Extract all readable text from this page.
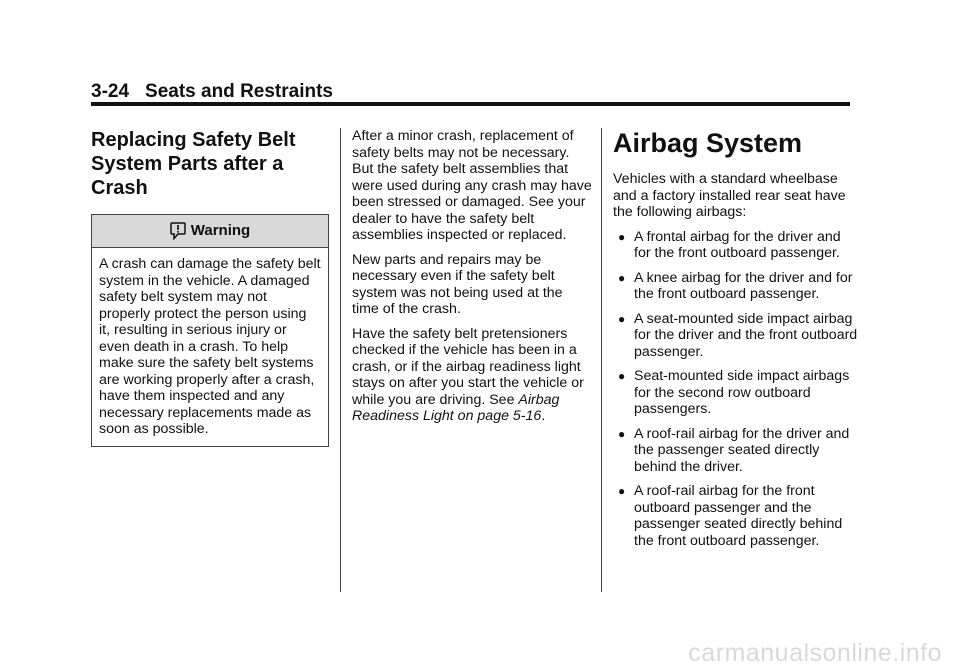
3-24 Seats and Restraints
Replacing Safety Belt System Parts after a Crash
Warning
A crash can damage the safety belt system in the vehicle. A damaged safety belt system may not properly protect the person using it, resulting in serious injury or even death in a crash. To help make sure the safety belt systems are working properly after a crash, have them inspected and any necessary replacements made as soon as possible.

After a minor crash, replacement of safety belts may not be necessary. But the safety belt assemblies that were used during any crash may have been stressed or damaged. See your dealer to have the safety belt assemblies inspected or replaced.

New parts and repairs may be necessary even if the safety belt system was not being used at the time of the crash.

Have the safety belt pretensioners checked if the vehicle has been in a crash, or if the airbag readiness light stays on after you start the vehicle or while you are driving. See Airbag Readiness Light on page 5-16.

Airbag System

Vehicles with a standard wheelbase and a factory installed rear seat have the following airbags:

● A frontal airbag for the driver and for the front outboard passenger.
● A knee airbag for the driver and for the front outboard passenger.
● A seat-mounted side impact airbag for the driver and the front outboard passenger.
● Seat-mounted side impact airbags for the second row outboard passengers.
● A roof-rail airbag for the driver and the passenger seated directly behind the driver.
● A roof-rail airbag for the front outboard passenger and the passenger seated directly behind the front outboard passenger.
carmanualsonline.info
